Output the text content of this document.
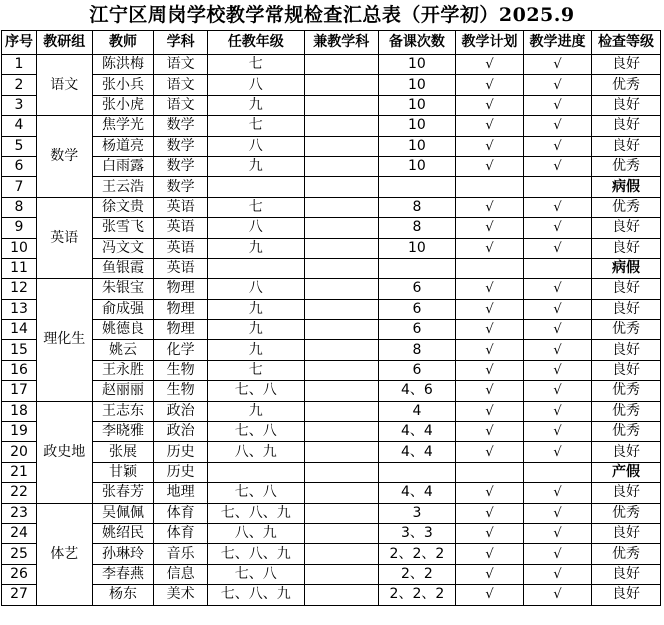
江宁区周岗学校教学常规检查汇总表（开学初）2025.9
序号	教研组	教师	学科	任教年级	兼教学科	备课次数	教学计划	教学进度	检查等级
1	语文	陈洪梅	语文	七		10	√	√	良好
2		张小兵	语文	八		10	√	√	优秀
3		张小虎	语文	九		10	√	√	良好
4	数学	焦学光	数学	七		10	√	√	良好
5		杨道亮	数学	八		10	√	√	良好
6		白雨露	数学	九		10	√	√	优秀
7		王云浩	数学						病假
8	英语	徐文贵	英语	七		8	√	√	优秀
9		张雪飞	英语	八		8	√	√	良好
10		冯文文	英语	九		10	√	√	良好
11		鱼银霞	英语						病假
12	理化生	朱银宝	物理	八		6	√	√	良好
13		俞成强	物理	九		6	√	√	良好
14		姚德良	物理	九		6	√	√	优秀
15		姚云	化学	九		8	√	√	良好
16		王永胜	生物	七		6	√	√	良好
17		赵丽丽	生物	七、八		4、6	√	√	优秀
18	政史地	王志东	政治	九		4	√	√	优秀
19		李晓雅	政治	七、八		4、4	√	√	优秀
20		张展	历史	八、九		4、4	√	√	良好
21		甘颖	历史						产假
22		张春芳	地理	七、八		4、4	√	√	良好
23	体艺	吴佩佩	体育	七、八、九		3	√	√	优秀
24		姚绍民	体育	八、九		3、3	√	√	良好
25		孙琳玲	音乐	七、八、九		2、2、2	√	√	优秀
26		李春燕	信息	七、八		2、2	√	√	良好
27		杨东	美术	七、八、九		2、2、2	√	√	良好
